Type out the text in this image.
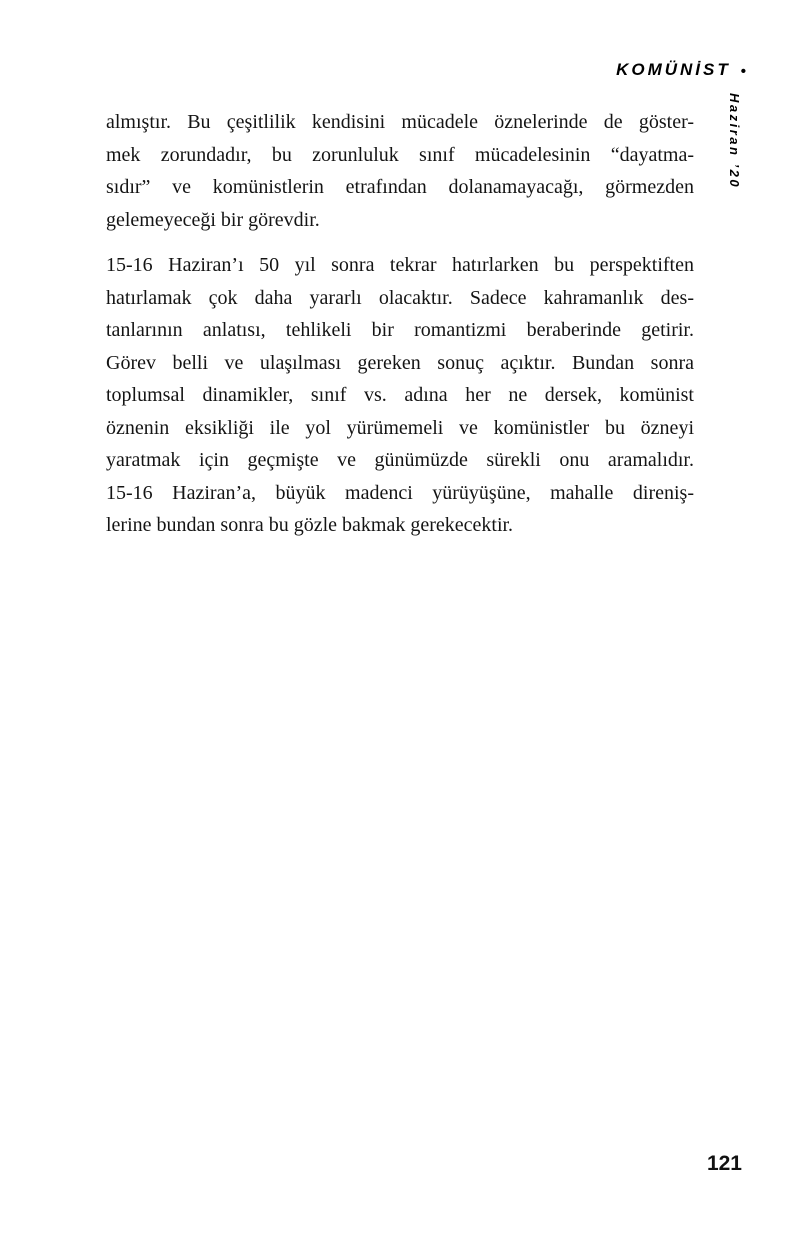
KOMÜNİST •
Haziran ’20
almıştır. Bu çeşitlilik kendisini mücadele öznelerinde de göster-
mek zorundadır, bu zorunluluk sınıf mücadelesinin “dayatma-
sıdır” ve komünistlerin etrafından dolanamayacağı, görmezden
gelemeyeceği bir görevdir.
15-16 Haziran’ı 50 yıl sonra tekrar hatırlarken bu perspektiften
hatırlamak çok daha yararlı olacaktır. Sadece kahramanlık des-
tanlarının anlatısı, tehlikeli bir romantizmi beraberinde getirir.
Görev belli ve ulaşılması gereken sonuç açıktır. Bundan sonra
toplumsal dinamikler, sınıf vs. adına her ne dersek, komünist
öznenin eksikliği ile yol yürümemeli ve komünistler bu özneyi
yaratmak için geçmişte ve günümüzde sürekli onu aramalıdır.
15-16 Haziran’a, büyük madenci yürüyüşüne, mahalle direniş-
lerine bundan sonra bu gözle bakmak gerekecektir.
121
